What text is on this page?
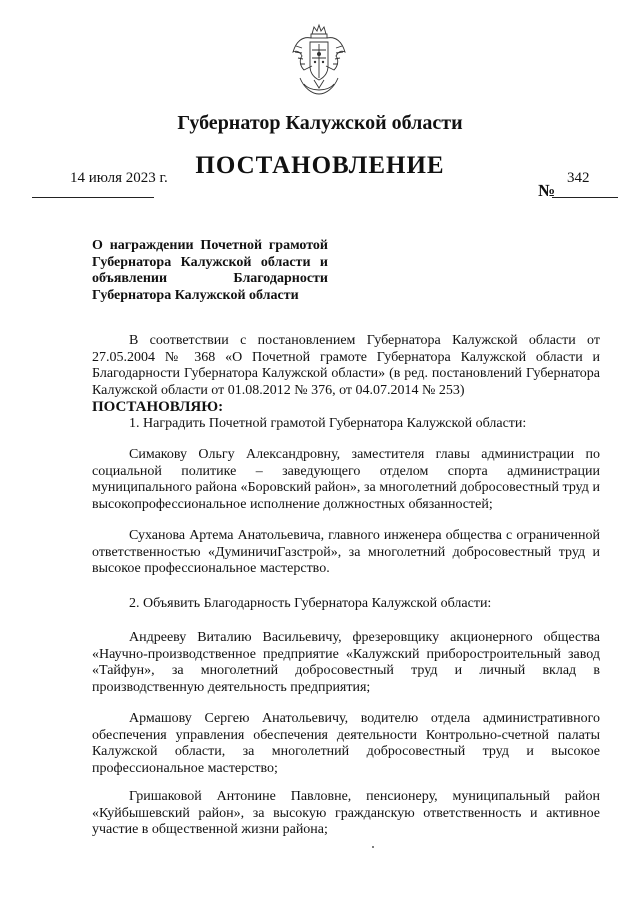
Губернатор Калужской области
ПОСТАНОВЛЕНИЕ
14 июля 2023 г.	342
№
О награждении Почетной грамотой Губернатора Калужской области и объявлении Благодарности Губернатора Калужской области

В соответствии с постановлением Губернатора Калужской области от 27.05.2004 № 368 «О Почетной грамоте Губернатора Калужской области и Благодарности Губернатора Калужской области» (в ред. постановлений Губернатора Калужской области от 01.08.2012 № 376, от 04.07.2014 № 253)

ПОСТАНОВЛЯЮ:

1. Наградить Почетной грамотой Губернатора Калужской области:

Симакову Ольгу Александровну, заместителя главы администрации по социальной политике – заведующего отделом спорта администрации муниципального района «Боровский район», за многолетний добросовестный труд и высокопрофессиональное исполнение должностных обязанностей;

Суханова Артема Анатольевича, главного инженера общества с ограниченной ответственностью «ДуминичиГазстрой», за многолетний добросовестный труд и высокое профессиональное мастерство.

2. Объявить Благодарность Губернатора Калужской области:

Андрееву Виталию Васильевичу, фрезеровщику акционерного общества «Научно-производственное предприятие «Калужский приборостроительный завод «Тайфун», за многолетний добросовестный труд и личный вклад в производственную деятельность предприятия;

Армашову Сергею Анатольевичу, водителю отдела административного обеспечения управления обеспечения деятельности Контрольно-счетной палаты Калужской области, за многолетний добросовестный труд и высокое профессиональное мастерство;

Гришаковой Антонине Павловне, пенсионеру, муниципальный район «Куйбышевский район», за высокую гражданскую ответственность и активное участие в общественной жизни района;
